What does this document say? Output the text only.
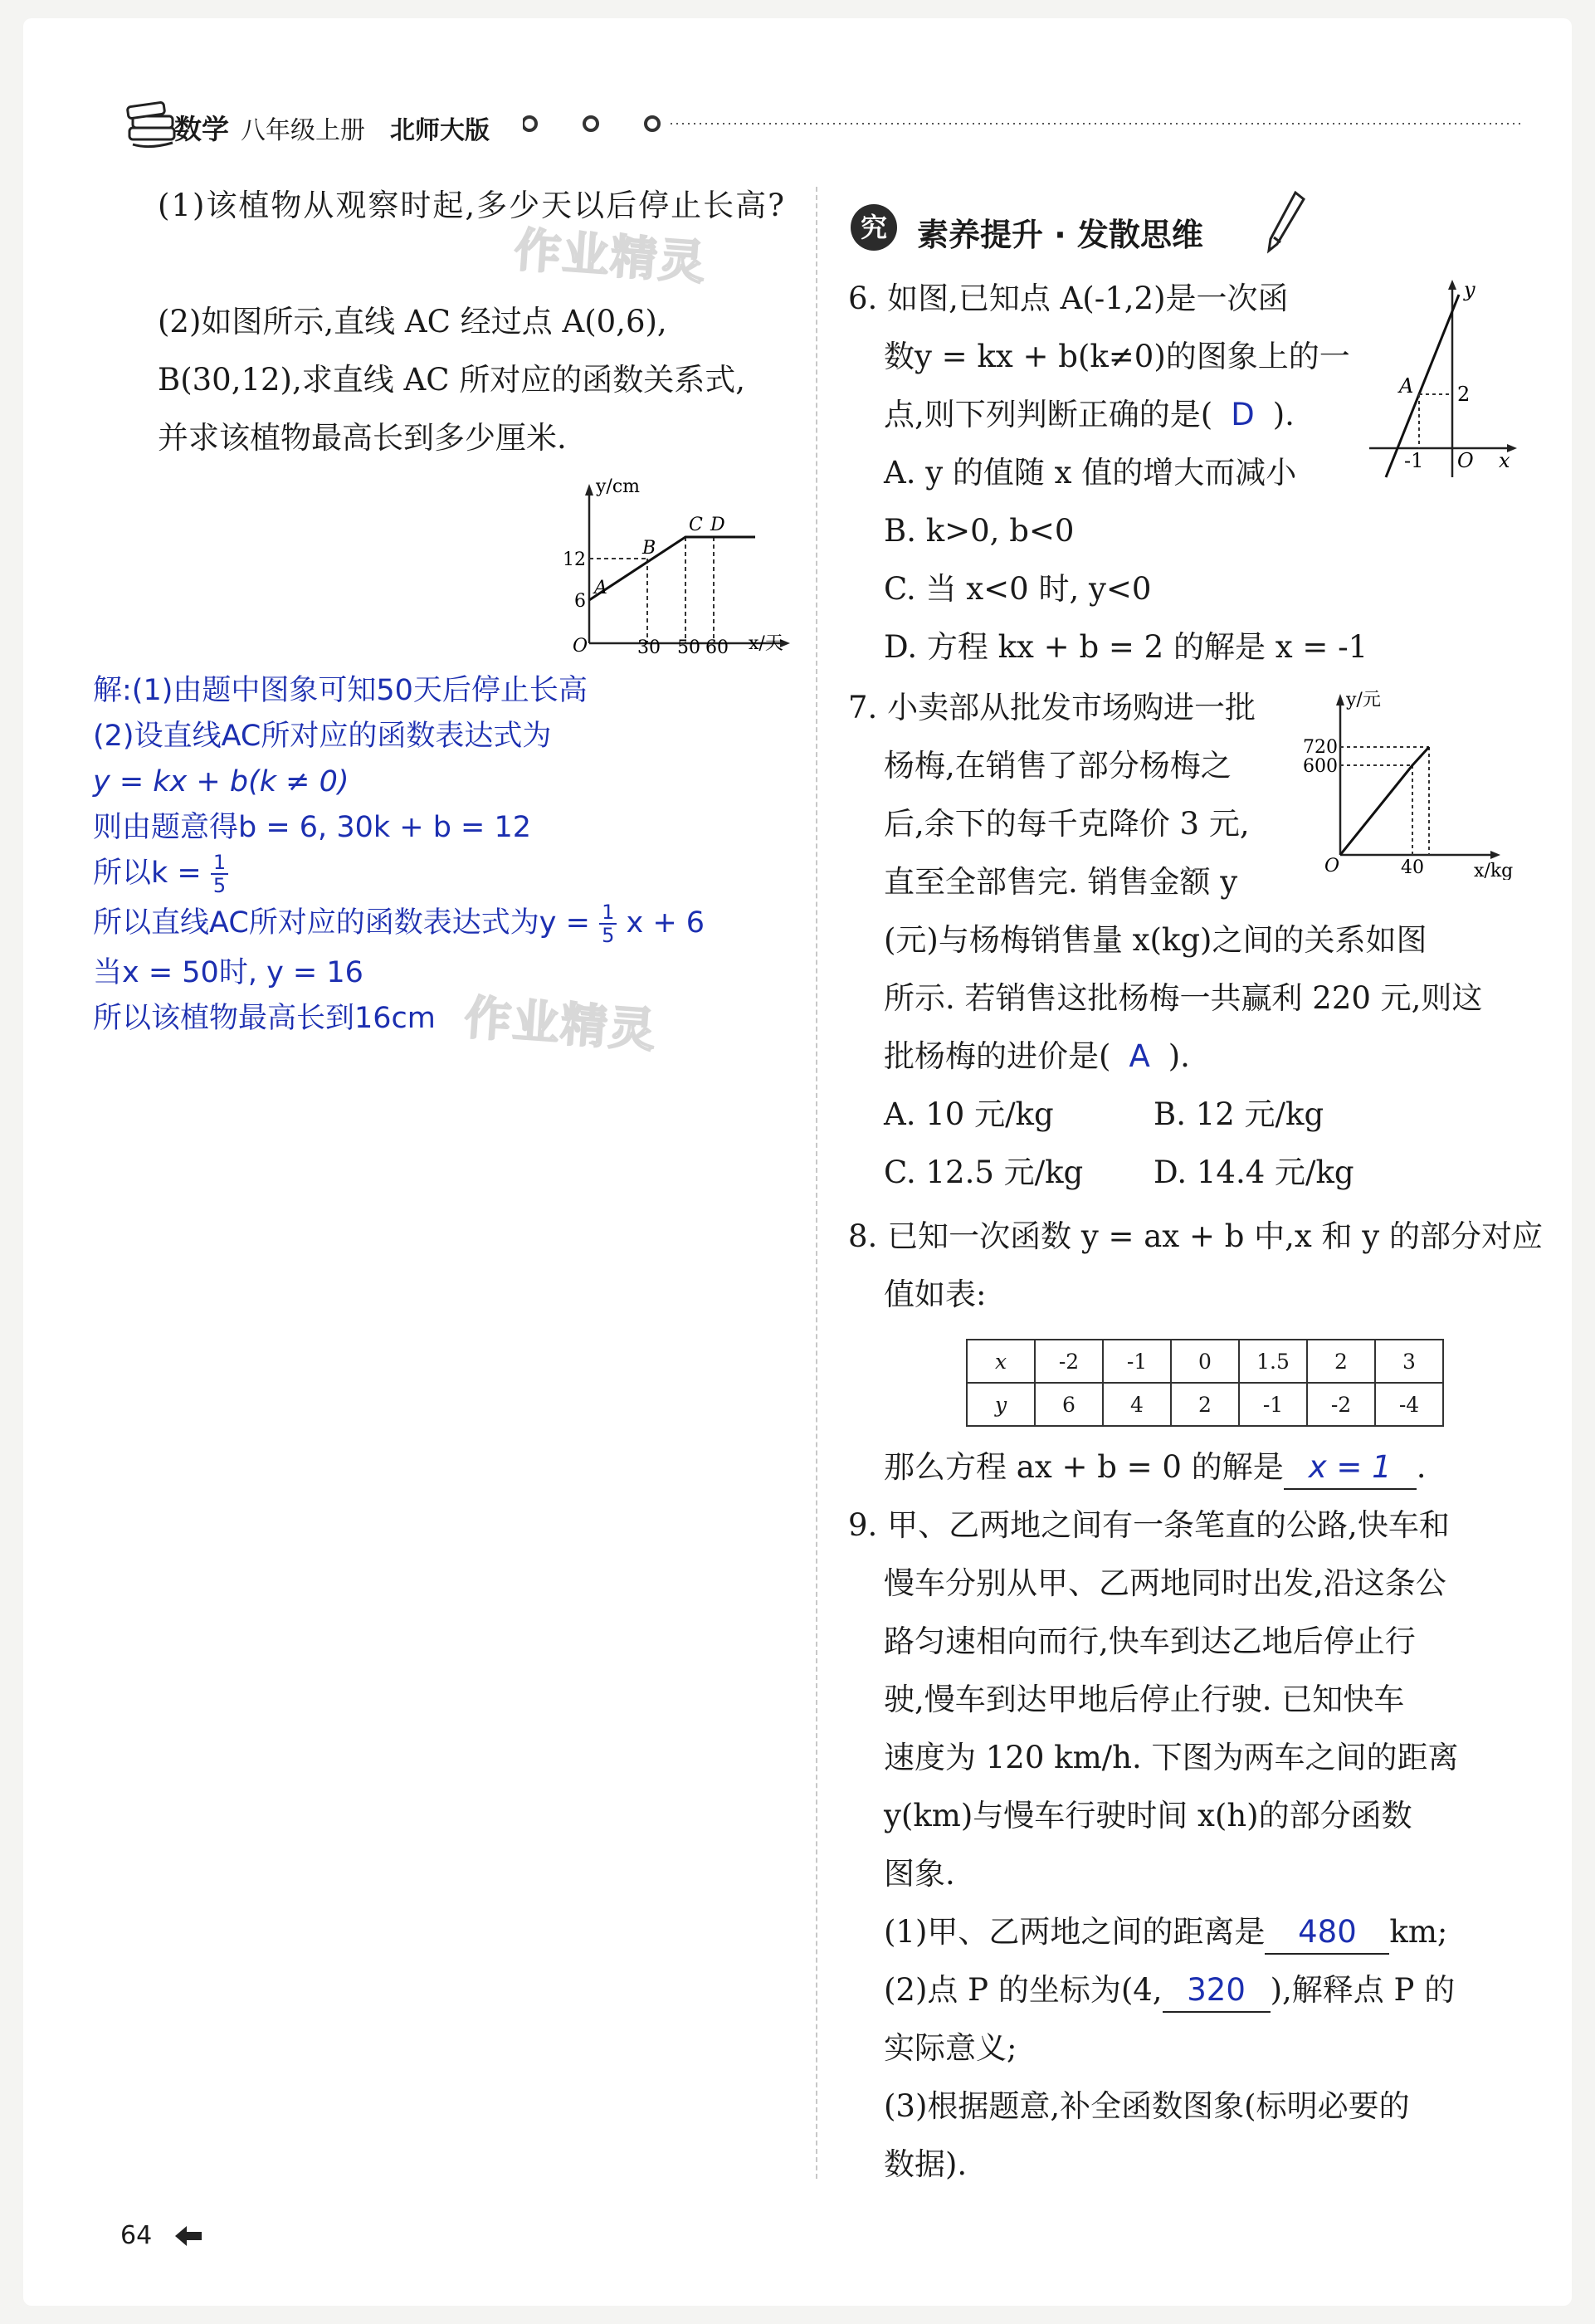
数学 八年级上册 北师大版
(1)该植物从观察时起,多少天以后停止长高?
作业精灵
(2)如图所示,直线 AC 经过点 A(0,6),
B(30,12),求直线 AC 所对应的函数关系式,
并求该植物最高长到多少厘米.
y/cm
x/天
O
12
6
30 50 60
A
B
C D
解:(1)由题中图象可知50天后停止长高
(2)设直线AC所对应的函数表达式为
y = kx + b(k ≠ 0)
则由题意得b = 6, 30k + b = 12
所以$k = \frac{1}{5}$
所以直线AC所对应的函数表达式为$y = \frac{1}{5}$ x + 6
当x = 50时, y = 16
所以该植物最高长到16cm 作业精灵
究 素养提升 · 发散思维
6. 如图,已知点 A(-1,2)是一次函
数y = kx + b(k≠0)的图象上的一
点,则下列判断正确的是( D ).
A. y 的值随 x 值的增大而减小
B. k>0, b<0
C. 当 x<0 时, y<0
D. 方程 kx + b = 2 的解是 x = -1
y
x
A 2
-1 O
7. 小卖部从批发市场购进一批
杨梅,在销售了部分杨梅之
后,余下的每千克降价 3 元,
直至全部售完. 销售金额 y
(元)与杨梅销售量 x(kg)之间的关系如图
所示. 若销售这批杨梅一共赢利 220 元,则这
批杨梅的进价是( A ).
A. 10 元/kg	B. 12 元/kg
C. 12.5 元/kg D. 14.4 元/kg
y/元
x/kg
O
720
600
40
8. 已知一次函数 y = ax + b 中,x 和 y 的部分对应
值如表:
x	-2	-1	0	1.5	2	3
y	6	4	2	-1	-2	-4
那么方程 ax + b = 0 的解是 x = 1 .
9. 甲、乙两地之间有一条笔直的公路,快车和
慢车分别从甲、乙两地同时出发,沿这条公
路匀速相向而行,快车到达乙地后停止行
驶,慢车到达甲地后停止行驶. 已知快车
速度为 120 km/h. 下图为两车之间的距离
y(km)与慢车行驶时间 x(h)的部分函数
图象.
(1)甲、乙两地之间的距离是 480 km;
(2)点 P 的坐标为(4, 320 ),解释点 P 的
实际意义;
(3)根据题意,补全函数图象(标明必要的
数据).
64
